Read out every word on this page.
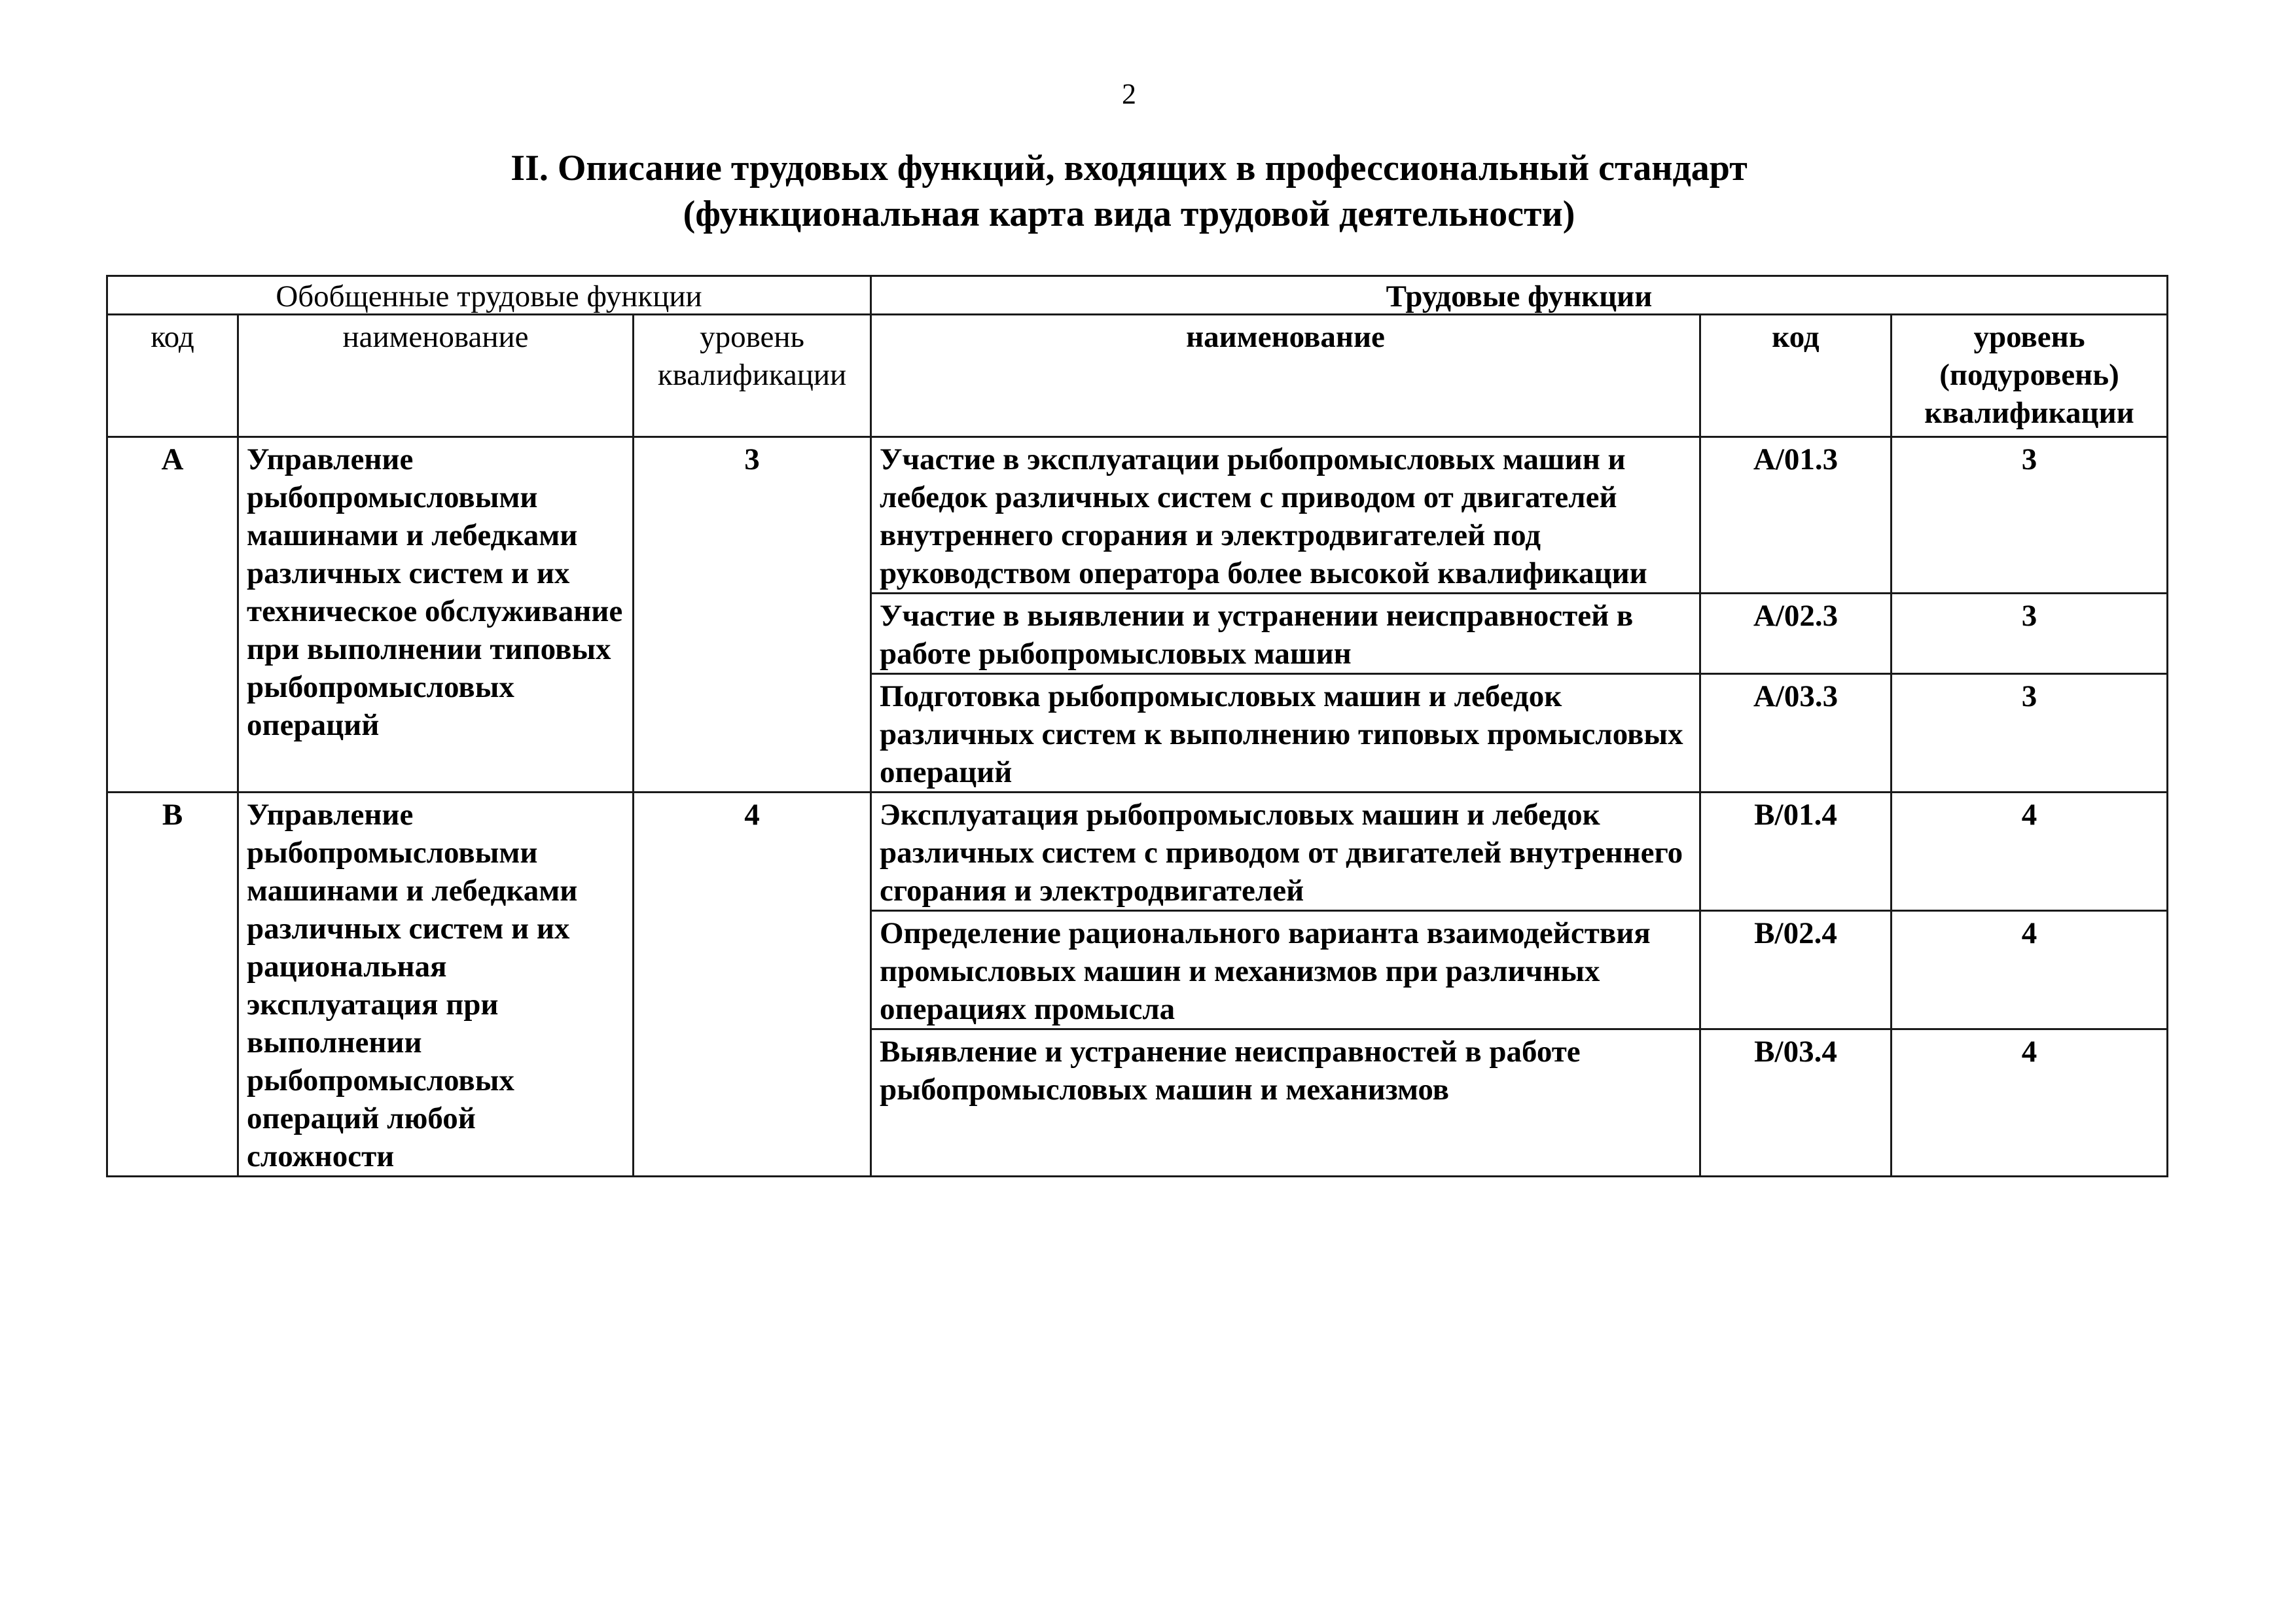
2
II. Описание трудовых функций, входящих в профессиональный стандарт
(функциональная карта вида трудовой деятельности)
Обобщенные трудовые функции			Трудовые функции		
код	наименование	уровень квалификации	наименование	код	уровень (подуровень) квалификации
А	Управление рыбопромысловыми машинами и лебедками различных систем и их техническое обслуживание при выполнении типовых рыбопромысловых операций	3	Участие в эксплуатации рыбопромысловых машин и лебедок различных систем с приводом от двигателей внутреннего сгорания и электродвигателей под руководством оператора более высокой квалификации	А/01.3	3
			Участие в выявлении и устранении неисправностей в работе рыбопромысловых машин	А/02.3	3
			Подготовка рыбопромысловых машин и лебедок различных систем к выполнению типовых промысловых операций	А/03.3	3
В	Управление рыбопромысловыми машинами и лебедками различных систем и их рациональная эксплуатация при выполнении рыбопромысловых операций любой сложности	4	Эксплуатация рыбопромысловых машин и лебедок различных систем с приводом от двигателей внутреннего сгорания и электродвигателей	В/01.4	4
			Определение рационального варианта взаимодействия промысловых машин и механизмов при различных операциях промысла	В/02.4	4
			Выявление и устранение неисправностей в работе рыбопромысловых машин и механизмов	В/03.4	4
